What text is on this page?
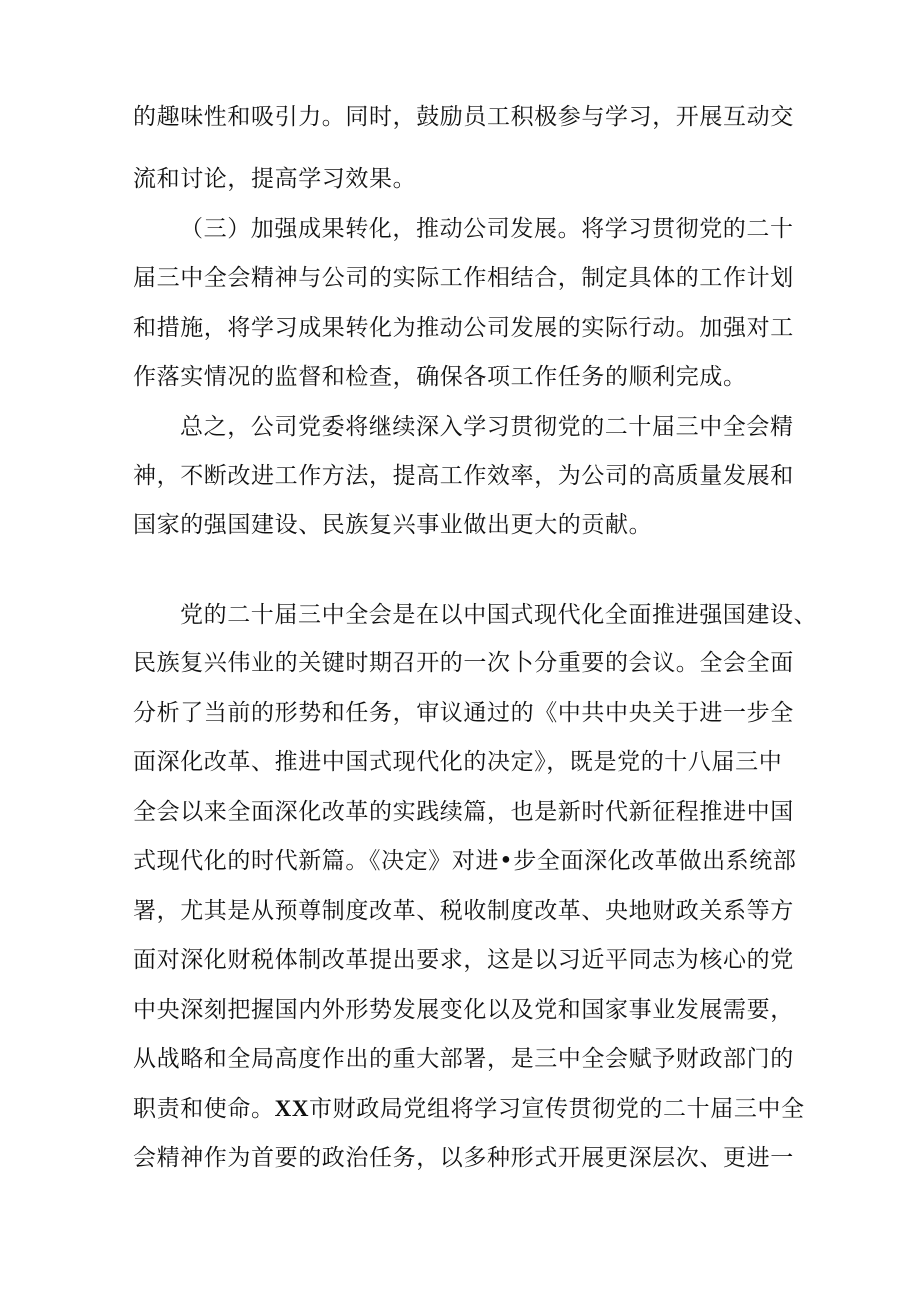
的趣味性和吸引力。同时，鼓励员工积极参与学习，开展互动交

流和讨论，提高学习效果。

（三）加强成果转化，推动公司发展。将学习贯彻党的二十

届三中全会精神与公司的实际工作相结合，制定具体的工作计划

和措施，将学习成果转化为推动公司发展的实际行动。加强对工

作落实情况的监督和检查，确保各项工作任务的顺利完成。

总之，公司党委将继续深入学习贯彻党的二十届三中全会精

神，不断改进工作方法，提高工作效率，为公司的高质量发展和

国家的强国建设、民族复兴事业做出更大的贡献。

党的二十届三中全会是在以中国式现代化全面推进强国建设、

民族复兴伟业的关键时期召开的一次卜分重要的会议。全会全面

分析了当前的形势和任务，审议通过的《中共中央关于进一步全

面深化改革、推进中国式现代化的决定》，既是党的十八届三中

全会以来全面深化改革的实践续篇，也是新时代新征程推进中国

式现代化的时代新篇。《决定》对进•步全面深化改革做出系统部

署，尤其是从预尊制度改革、税收制度改革、央地财政关系等方

面对深化财税体制改革提出要求，这是以习近平同志为核心的党

中央深刻把握国内外形势发展变化以及党和国家事业发展需要，

从战略和全局高度作出的重大部署，是三中全会赋予财政部门的

职责和使命。XX市财政局党组将学习宣传贯彻党的二十届三中全

会精神作为首要的政治任务，以多种形式开展更深层次、更进一
